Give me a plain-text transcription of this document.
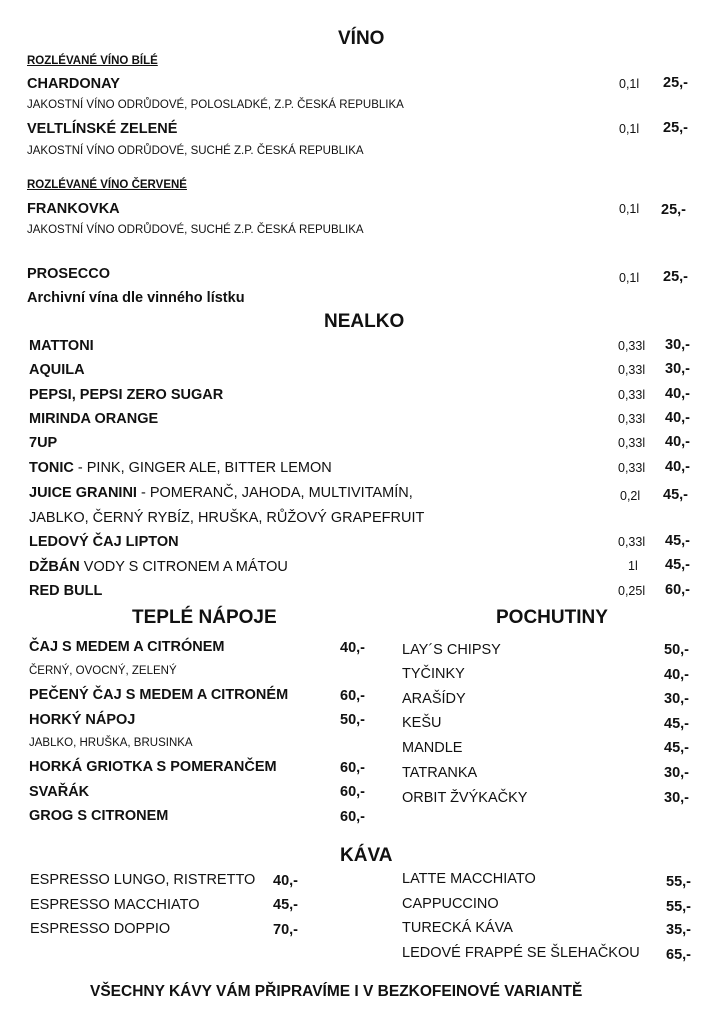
VÍNO
ROZLÉVANÉ VÍNO BÍLÉ
CHARDONAY
JAKOSTNÍ VÍNO ODRŮDOVÉ, POLOSLADKÉ, Z.P. ČESKÁ REPUBLIKA
0,1l 25,-
VELTLÍNSKÉ ZELENÉ
JAKOSTNÍ VÍNO ODRŮDOVÉ, SUCHÉ Z.P. ČESKÁ REPUBLIKA
0,1l 25,-
ROZLÉVANÉ VÍNO ČERVENÉ
FRANKOVKA
JAKOSTNÍ VÍNO ODRŮDOVÉ, SUCHÉ Z.P. ČESKÁ REPUBLIKA
0,1l 25,-
PROSECCO
Archivní vína dle vinného lístku
0,1l 25,-
NEALKO
MATTONI	0,33l 30,-
AQUILA	0,33l 30,-
PEPSI, PEPSI ZERO SUGAR	0,33l 40,-
MIRINDA ORANGE	0,33l 40,-
7UP	0,33l 40,-
TONIC - PINK, GINGER ALE, BITTER LEMON	0,33l 40,-
JUICE GRANINI - POMERANČ, JAHODA, MULTIVITAMÍN,
JABLKO, ČERNÝ RYBÍZ, HRUŠKA, RŮŽOVÝ GRAPEFRUIT
0,2l 45,-
LEDOVÝ ČAJ LIPTON	0,33l 45,-
DŽBÁN VODY S CITRONEM A MÁTOU	1l 45,-
RED BULL	0,25l 60,-
TEPLÉ NÁPOJE
ČAJ S MEDEM A CITRÓNEM	40,-
ČERNÝ, OVOCNÝ, ZELENÝ
PEČENÝ ČAJ S MEDEM A CITRONÉM	60,-
HORKÝ NÁPOJ	50,-
JABLKO, HRUŠKA, BRUSINKA
HORKÁ GRIOTKA S POMERANČEM	60,-
SVAŘÁK	60,-
GROG S CITRONEM	60,-
POCHUTINY
LAY´S CHIPSY	50,-
TYČINKY	40,-
ARAŠÍDY	30,-
KEŠU	45,-
MANDLE	45,-
TATRANKA	30,-
ORBIT ŽVÝKAČKY	30,-
KÁVA
ESPRESSO LUNGO, RISTRETTO 40,-
ESPRESSO MACCHIATO	45,-
ESPRESSO DOPPIO	70,-
LATTE MACCHIATO	55,-
CAPPUCCINO	55,-
TURECKÁ KÁVA	35,-
LEDOVÉ FRAPPÉ SE ŠLEHAČKOU 65,-
VŠECHNY KÁVY VÁM PŘIPRAVÍME I V BEZKOFEINOVÉ VARIANTĚ
